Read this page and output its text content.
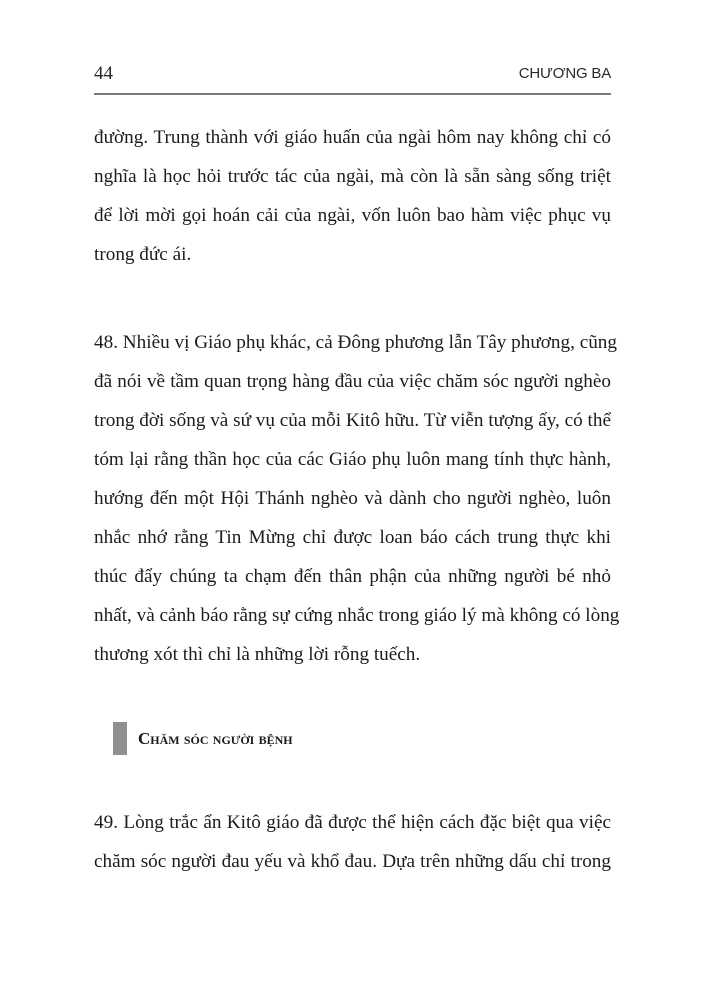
44	CHƯƠNG BA
đường. Trung thành với giáo huấn của ngài hôm nay không chỉ có
nghĩa là học hỏi trước tác của ngài, mà còn là sẵn sàng sống triệt
để lời mời gọi hoán cải của ngài, vốn luôn bao hàm việc phục vụ
trong đức ái.
48. Nhiều vị Giáo phụ khác, cả Đông phương lẫn Tây phương, cũng
đã nói về tầm quan trọng hàng đầu của việc chăm sóc người nghèo
trong đời sống và sứ vụ của mỗi Kitô hữu. Từ viễn tượng ấy, có thể
tóm lại rằng thần học của các Giáo phụ luôn mang tính thực hành,
hướng đến một Hội Thánh nghèo và dành cho người nghèo, luôn
nhắc nhớ rằng Tin Mừng chỉ được loan báo cách trung thực khi
thúc đẩy chúng ta chạm đến thân phận của những người bé nhỏ
nhất, và cảnh báo rằng sự cứng nhắc trong giáo lý mà không có lòng
thương xót thì chỉ là những lời rỗng tuếch.
Chăm sóc người bệnh
49. Lòng trắc ẩn Kitô giáo đã được thể hiện cách đặc biệt qua việc
chăm sóc người đau yếu và khổ đau. Dựa trên những dấu chỉ trong
